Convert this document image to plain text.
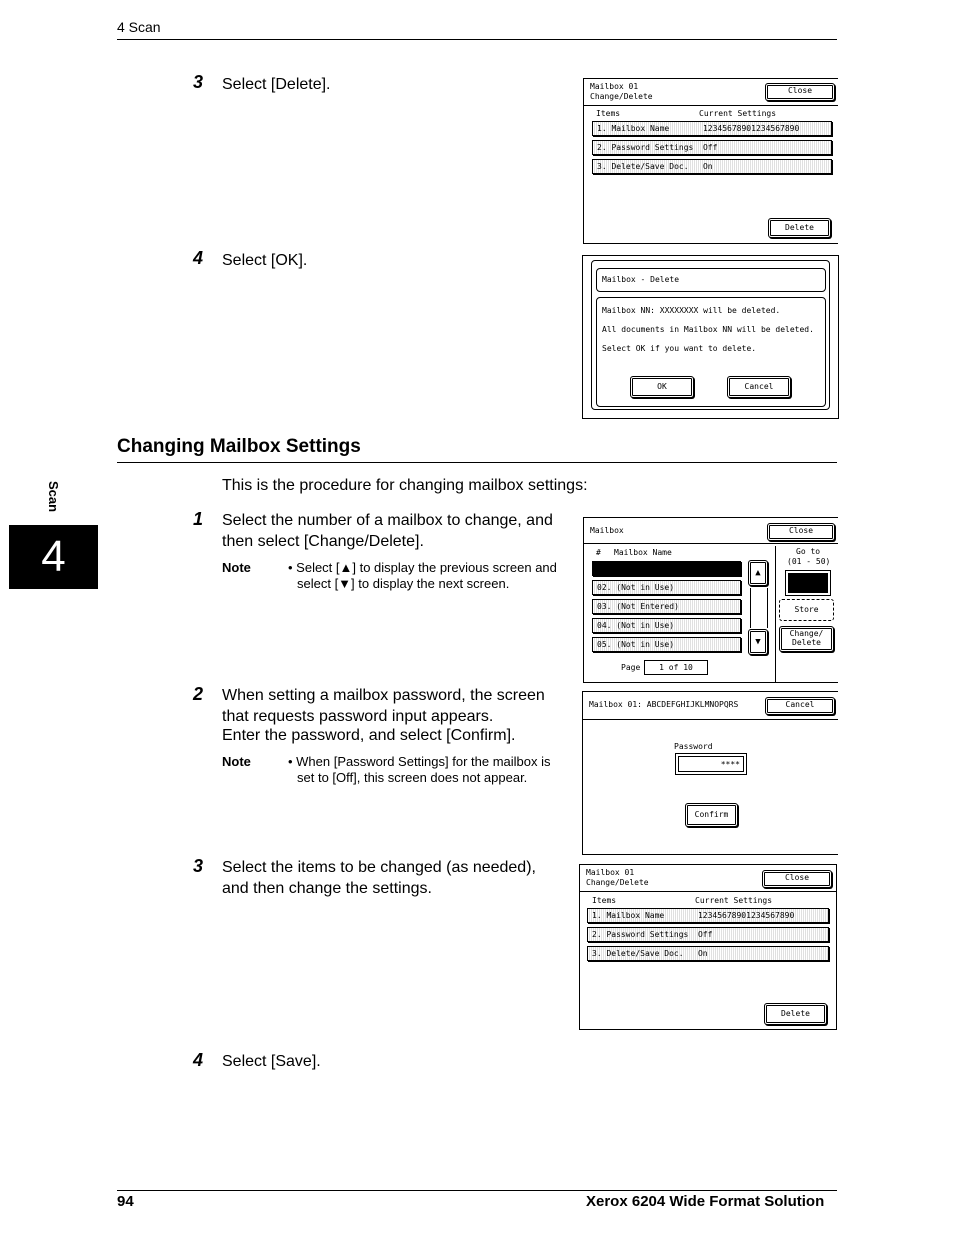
4 Scan
Scan
4
3 Select [Delete].
4 Select [OK].
Mailbox 01
Change/Delete
Close
Items	Current Settings
1. Mailbox Name       12345678901234567890
2. Password Settings  Off
3. Delete/Save Doc.   On
Delete
Mailbox - Delete
Mailbox NN: XXXXXXXX will be deleted.
All documents in Mailbox NN will be deleted.
Select OK if you want to delete.
OK	Cancel
Changing Mailbox Settings
This is the procedure for changing mailbox settings:
1 Select the number of a mailbox to change, and
then select [Change/Delete].
Note	• Select [▲] to display the previous screen and
select [▼] to display the next screen.
Mailbox	Close
# Mailbox Name
02. (Not in Use)
03. (Not Entered)
04. (Not in Use)
05. (Not in Use)
▲
▼
Go to
(01 - 50)
Store
Change/
Delete
Page	1 of 10
2 When setting a mailbox password, the screen
that requests password input appears.
Enter the password, and select [Confirm].
Note	• When [Password Settings] for the mailbox is
set to [Off], this screen does not appear.
Mailbox 01: ABCDEFGHIJKLMNOPQRS	Cancel
Password
****
Confirm
3 Select the items to be changed (as needed),
and then change the settings.
Mailbox 01
Change/Delete
Close
Items	Current Settings
1. Mailbox Name       12345678901234567890
2. Password Settings  Off
3. Delete/Save Doc.   On
Delete
4 Select [Save].
94	Xerox 6204 Wide Format Solution
